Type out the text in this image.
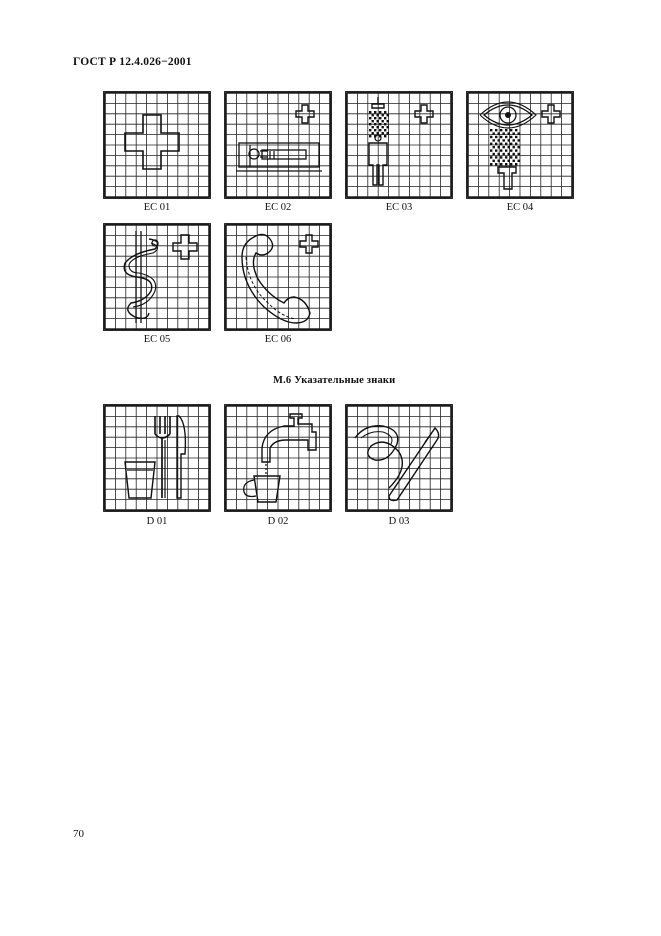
ГОСТ Р 12.4.026−2001
EC 01	EC 02	EC 03	EC 04
EC 05	EC 06
М.6 Указательные знаки
D 01	D 02	D 03
70
